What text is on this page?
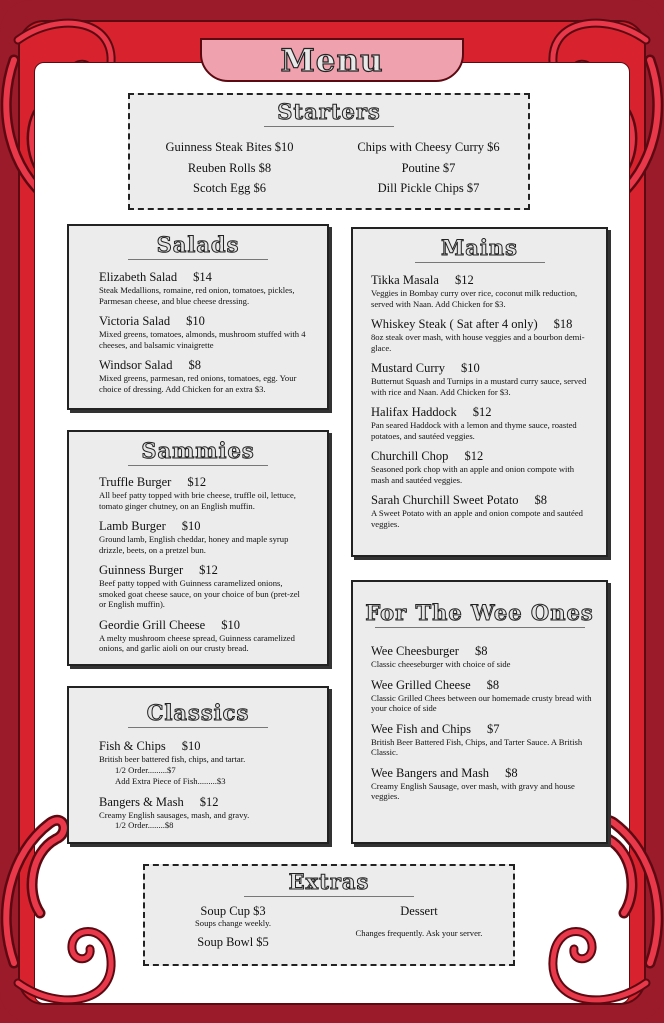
Menu
Starters
Guinness Steak Bites $10	Chips with Cheesy Curry $6
Reuben Rolls $8	Poutine $7
Scotch Egg $6	Dill Pickle Chips $7
Salads
Elizabeth Salad $14
Steak Medallions, romaine, red onion, tomatoes, pickles, Parmesan cheese, and blue cheese dressing.
Victoria Salad $10
Mixed greens, tomatoes, almonds, mushroom stuffed with 4 cheeses, and balsamic vinaigrette
Windsor Salad $8
Mixed greens, parmesan, red onions, tomatoes, egg. Your choice of dressing. Add Chicken for an extra $3.
Mains
Tikka Masala $12
Veggies in Bombay curry over rice, coconut milk reduction, served with Naan. Add Chicken for $3.
Whiskey Steak ( Sat after 4 only) $18
8oz steak over mash, with house veggies and a bourbon demi-glace.
Mustard Curry $10
Butternut Squash and Turnips in a mustard curry sauce, served with rice and Naan. Add Chicken for $3.
Halifax Haddock $12
Pan seared Haddock with a lemon and thyme sauce, roasted potatoes, and sautéed veggies.
Churchill Chop $12
Seasoned pork chop with an apple and onion compote with mash and sautéed veggies.
Sarah Churchill Sweet Potato $8
A Sweet Potato with an apple and onion compote and sautéed veggies.
Sammies
Truffle Burger $12
All beef patty topped with brie cheese, truffle oil, lettuce, tomato ginger chutney, on an English muffin.
Lamb Burger $10
Ground lamb, English cheddar, honey and maple syrup drizzle, beets, on a pretzel bun.
Guinness Burger $12
Beef patty topped with Guinness caramelized onions, smoked goat cheese sauce, on your choice of bun (pret-zel or English muffin).
Geordie Grill Cheese $10
A melty mushroom cheese spread, Guinness caramelized onions, and garlic aioli on our crusty bread.
For The Wee Ones
Wee Cheesburger $8
Classic cheeseburger with choice of side
Wee Grilled Cheese $8
Classic Grilled Chees between our homemade crusty bread with your choice of side
Wee Fish and Chips $7
British Beer Battered Fish, Chips, and Tarter Sauce. A British Classic.
Wee Bangers and Mash $8
Creamy English Sausage, over mash, with gravy and house veggies.
Classics
Fish & Chips $10
British beer battered fish, chips, and tartar.
1/2 Order.........$7
Add Extra Piece of Fish.........$3
Bangers & Mash $12
Creamy English sausages, mash, and gravy.
1/2 Order........$8
Extras
Soup Cup $3
Soups change weekly.
Soup Bowl $5
Dessert
Changes frequently. Ask your server.
